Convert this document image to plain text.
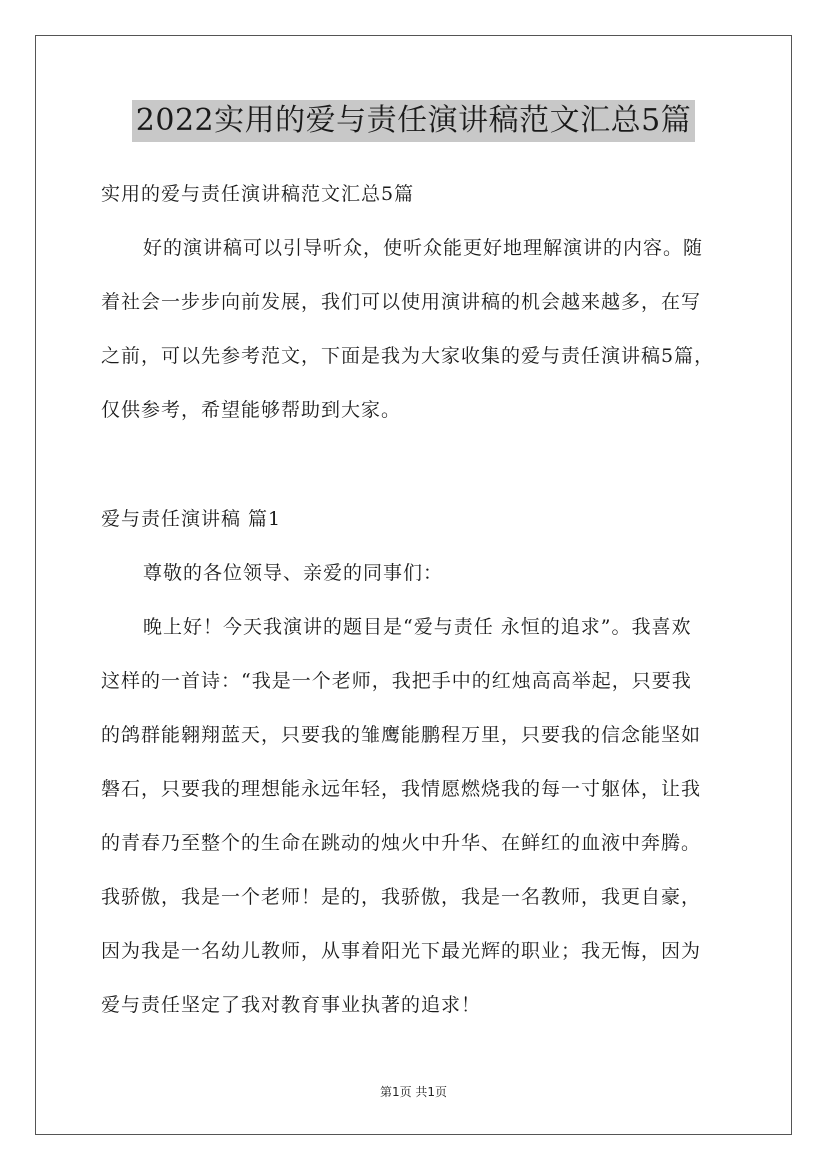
2022实用的爱与责任演讲稿范文汇总5篇
实用的爱与责任演讲稿范文汇总5篇
好的演讲稿可以引导听众，使听众能更好地理解演讲的内容。随
着社会一步步向前发展，我们可以使用演讲稿的机会越来越多，在写
之前，可以先参考范文，下面是我为大家收集的爱与责任演讲稿5篇，
仅供参考，希望能够帮助到大家。
爱与责任演讲稿 篇1
尊敬的各位领导、亲爱的同事们：
晚上好！今天我演讲的题目是“爱与责任 永恒的追求”。我喜欢
这样的一首诗：“我是一个老师，我把手中的红烛高高举起，只要我
的鸽群能翱翔蓝天，只要我的雏鹰能鹏程万里，只要我的信念能坚如
磐石，只要我的理想能永远年轻，我情愿燃烧我的每一寸躯体，让我
的青春乃至整个的生命在跳动的烛火中升华、在鲜红的血液中奔腾。
我骄傲，我是一个老师！是的，我骄傲，我是一名教师，我更自豪，
因为我是一名幼儿教师，从事着阳光下最光辉的职业；我无悔，因为
爱与责任坚定了我对教育事业执著的追求！
第1页 共1页
